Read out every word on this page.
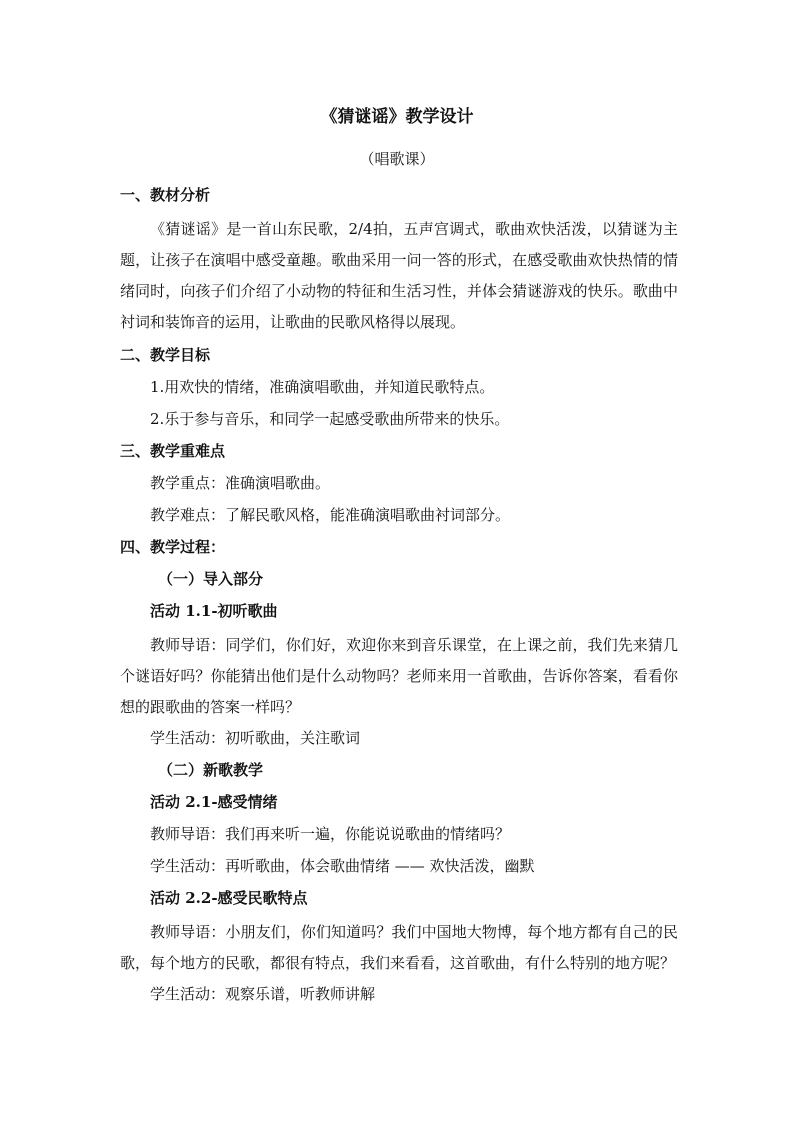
《猜谜谣》教学设计
（唱歌课）
一、教材分析

《猜谜谣》是一首山东民歌，2/4拍，五声宫调式，歌曲欢快活泼，以猜谜为主题，让孩子在演唱中感受童趣。歌曲采用一问一答的形式，在感受歌曲欢快热情的情绪同时，向孩子们介绍了小动物的特征和生活习性，并体会猜谜游戏的快乐。歌曲中衬词和装饰音的运用，让歌曲的民歌风格得以展现。

二、教学目标
1.用欢快的情绪，准确演唱歌曲，并知道民歌特点。
2.乐于参与音乐，和同学一起感受歌曲所带来的快乐。
三、教学重难点
教学重点：准确演唱歌曲。
教学难点：了解民歌风格，能准确演唱歌曲衬词部分。
四、教学过程：
（一）导入部分
活动 1.1-初听歌曲

教师导语：同学们，你们好，欢迎你来到音乐课堂，在上课之前，我们先来猜几个谜语好吗？你能猜出他们是什么动物吗？老师来用一首歌曲，告诉你答案，看看你想的跟歌曲的答案一样吗？

学生活动：初听歌曲，关注歌词
（二）新歌教学
活动 2.1-感受情绪
教师导语：我们再来听一遍，你能说说歌曲的情绪吗？
学生活动：再听歌曲，体会歌曲情绪 —— 欢快活泼，幽默
活动 2.2-感受民歌特点

教师导语：小朋友们，你们知道吗？我们中国地大物博，每个地方都有自己的民歌，每个地方的民歌，都很有特点，我们来看看，这首歌曲，有什么特别的地方呢？

学生活动：观察乐谱，听教师讲解
